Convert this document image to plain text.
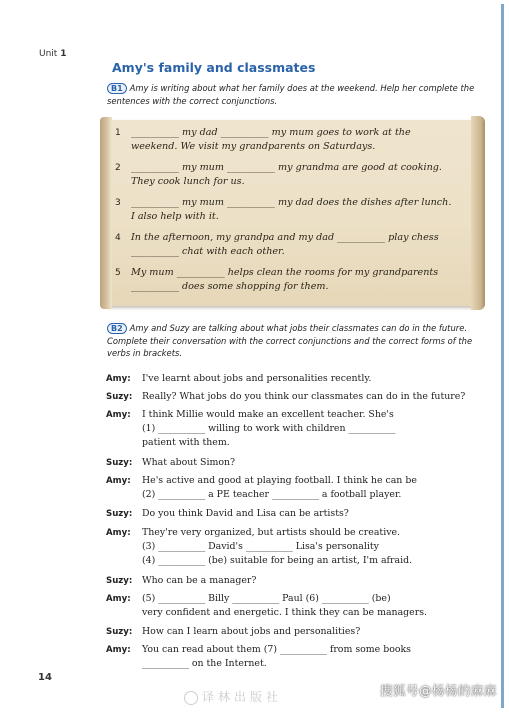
Unit 1
Amy's family and classmates
B1 Amy is writing about what her family does at the weekend. Help her complete the sentences with the correct conjunctions.
1 __________ my dad __________ my mum goes to work at the
weekend. We visit my grandparents on Saturdays.
2 __________ my mum __________ my grandma are good at cooking.
They cook lunch for us.
3 __________ my mum __________ my dad does the dishes after lunch.
I also help with it.
4 In the afternoon, my grandpa and my dad __________ play chess
__________ chat with each other.
5 My mum __________ helps clean the rooms for my grandparents
__________ does some shopping for them.
B2 Amy and Suzy are talking about what jobs their classmates can do in the future. Complete their conversation with the correct conjunctions and the correct forms of the verbs in brackets.
Amy: I've learnt about jobs and personalities recently.
Suzy: Really? What jobs do you think our classmates can do in the future?
Amy: I think Millie would make an excellent teacher. She's
(1) __________ willing to work with children __________
patient with them.
Suzy: What about Simon?
Amy: He's active and good at playing football. I think he can be
(2) __________ a PE teacher __________ a football player.
Suzy: Do you think David and Lisa can be artists?
Amy: They're very organized, but artists should be creative.
(3) __________ David's __________ Lisa's personality
(4) __________ (be) suitable for being an artist, I'm afraid.
Suzy: Who can be a manager?
Amy: (5) __________ Billy __________ Paul (6) __________ (be)
very confident and energetic. I think they can be managers.
Suzy: How can I learn about jobs and personalities?
Amy: You can read about them (7) __________ from some books
__________ on the Internet.
14
译林出版社	搜狐号@杨杨的麻麻
